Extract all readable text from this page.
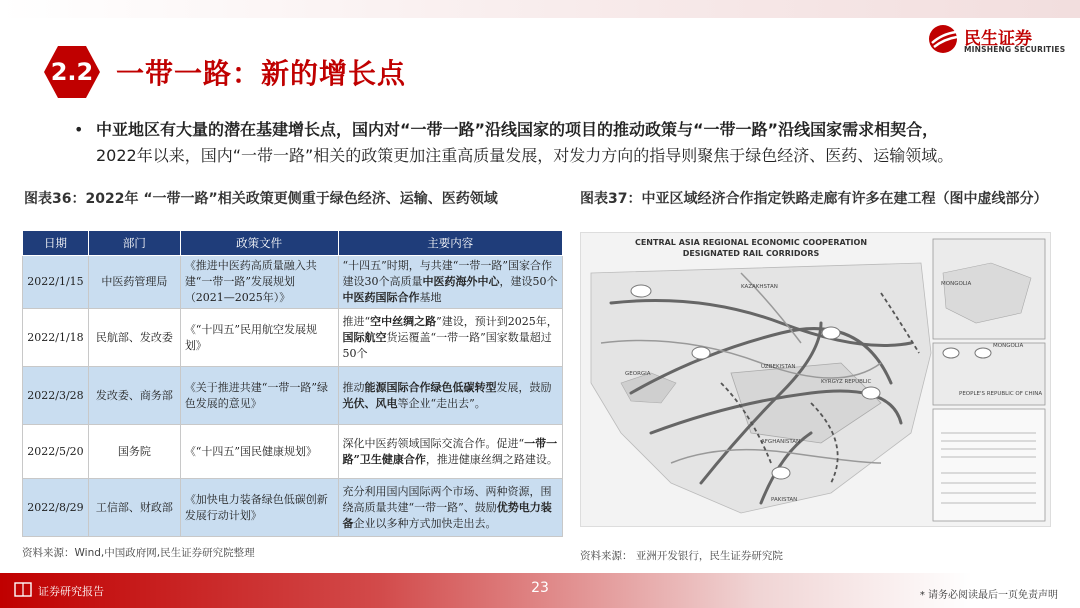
2.2 一带一路：新的增长点
民生证券
MINSHENG SECURITIES
• 中亚地区有大量的潜在基建增长点，国内对“一带一路”沿线国家的项目的推动政策与“一带一路”沿线国家需求相契合，
2022年以来，国内“一带一路”相关的政策更加注重高质量发展，对发力方向的指导则聚焦于绿色经济、医药、运输领域。
图表36：2022年 “一带一路”相关政策更侧重于绿色经济、运输、医药领域	图表37：中亚区域经济合作指定铁路走廊有许多在建工程（图中虚线部分）
日期	部门	政策文件	主要内容
2022/1/15	中医药管理局	《推进中医药高质量融入共建“一带一路”发展规划（2021—2025年）》	“十四五”时期，与共建“一带一路”国家合作建设30个高质量中医药海外中心，建设50个中医药国际合作基地
2022/1/18	民航部、发改委	《“十四五”民用航空发展规划》	推进“空中丝绸之路”建设，预计到2025年，国际航空货运覆盖“一带一路”国家数量超过50个
2022/3/28	发改委、商务部	《关于推进共建“一带一路”绿色发展的意见》	推动能源国际合作绿色低碳转型发展，鼓励光伏、风电等企业“走出去”。
2022/5/20	国务院	《“十四五”国民健康规划》	深化中医药领域国际交流合作。促进“一带一路”卫生健康合作，推进健康丝绸之路建设。
2022/8/29	工信部、财政部	《加快电力装备绿色低碳创新发展行动计划》	充分利用国内国际两个市场、两种资源，围绕高质量共建“一带一路”、鼓励优势电力装备企业以多种方式加快走出去。
KAZAKHSTAN	MONGOLIA
MONGOLIA
PEOPLE'S REPUBLIC OF CHINA
UZBEKISTAN
KYRGYZ REPUBLIC
AFGHANISTAN
PAKISTAN
GEORGIA
CENTRAL ASIA REGIONAL ECONOMIC COOPERATION
DESIGNATED RAIL CORRIDORS
资料来源：Wind,中国政府网,民生证券研究院整理	资料来源： 亚洲开发银行，民生证券研究院
证券研究报告	23	* 请务必阅读最后一页免责声明
